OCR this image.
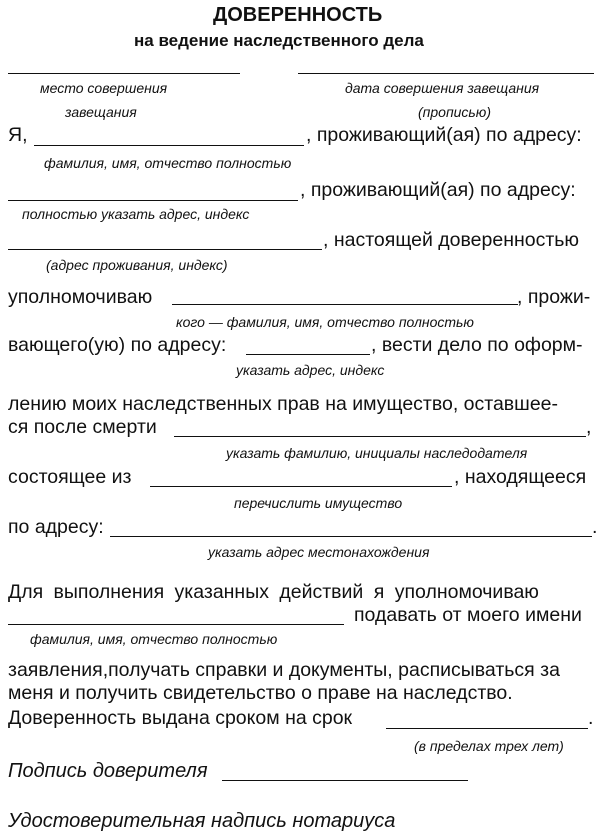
ДОВЕРЕННОСТЬ
на ведение наследственного дела
место совершения
завещания
дата совершения завещания
(прописью)
Я,	, проживающий(ая) по адресу:
фамилия, имя, отчество полностью
, проживающий(ая) по адресу:
полностью указать адрес, индекс
, настоящей доверенностью
(адрес проживания, индекс)
уполномочиваю	, прожи-
кого — фамилия, имя, отчество полностью
вающего(ую) по адресу:	, вести дело по оформ-
указать адрес, индекс
лению моих наследственных прав на имущество, оставшее-
ся после смерти	,
указать фамилию, инициалы наследодателя
состоящее из	, находящееся
перечислить имущество
по адресу:	.
указать адрес местонахождения
Для выполнения указанных действий я уполномочиваю
подавать от моего имени
фамилия, имя, отчество полностью
заявления,получать справки и документы, расписываться за
меня и получить свидетельство о праве на наследство.
Доверенность выдана сроком на срок	.
(в пределах трех лет)
Подпись доверителя
Удостоверительная надпись нотариуса
